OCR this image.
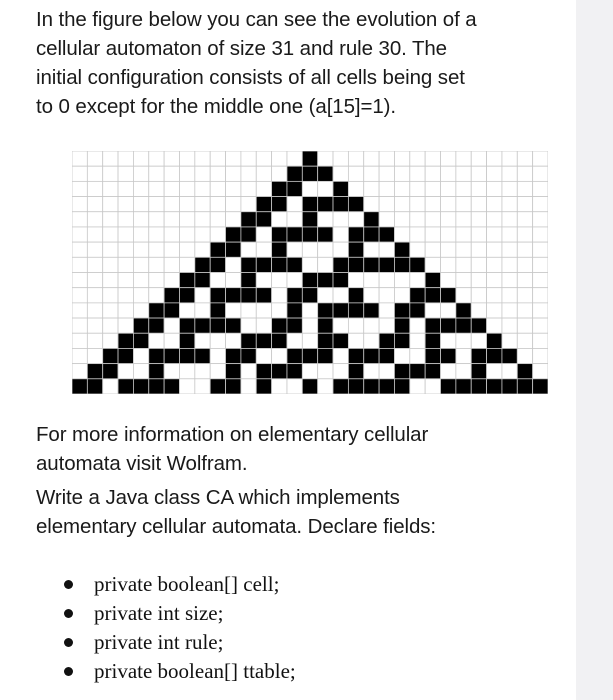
In the figure below you can see the evolution of a
cellular automaton of size 31 and rule 30. The
initial configuration consists of all cells being set
to 0 except for the middle one (a[15]=1).

For more information on elementary cellular
automata visit Wolfram.

Write a Java class CA which implements
elementary cellular automata. Declare fields:

private boolean[] cell;
private int size;
private int rule;
private boolean[] ttable;
